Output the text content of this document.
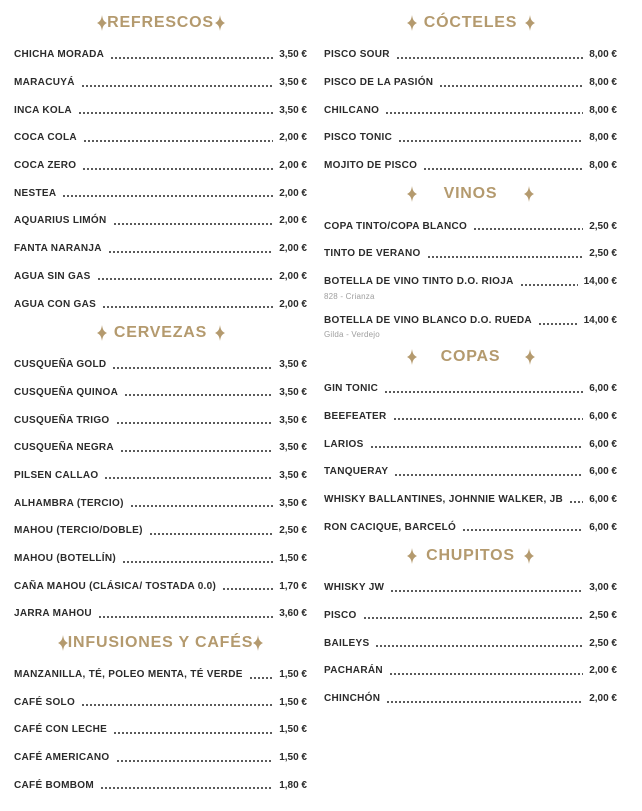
REFRESCOS
CHICHA MORADA	3,50 €
MARACUYÁ	3,50 €
INCA KOLA	3,50 €
COCA COLA	2,00 €
COCA ZERO	2,00 €
NESTEA	2,00 €
AQUARIUS LIMÓN	2,00 €
FANTA NARANJA	2,00 €
AGUA SIN GAS	2,00 €
AGUA CON GAS	2,00 €
CERVEZAS
CUSQUEÑA GOLD	3,50 €
CUSQUEÑA QUINOA	3,50 €
CUSQUEÑA TRIGO	3,50 €
CUSQUEÑA NEGRA	3,50 €
PILSEN CALLAO	3,50 €
ALHAMBRA (TERCIO)	3,50 €
MAHOU (TERCIO/DOBLE)	2,50 €
MAHOU (BOTELLÍN)	1,50 €
CAÑA MAHOU (CLÁSICA/ TOSTADA 0.0)	1,70 €
JARRA MAHOU	3,60 €
INFUSIONES Y CAFÉS
MANZANILLA, TÉ, POLEO MENTA, TÉ VERDE	1,50 €
CAFÉ SOLO	1,50 €
CAFÉ CON LECHE	1,50 €
CAFÉ AMERICANO	1,50 €
CAFÉ BOMBOM	1,80 €
CÓCTELES
PISCO SOUR	8,00 €
PISCO DE LA PASIÓN	8,00 €
CHILCANO	8,00 €
PISCO TONIC	8,00 €
MOJITO DE PISCO	8,00 €
VINOS
COPA TINTO/COPA BLANCO	2,50 €
TINTO DE VERANO	2,50 €
BOTELLA DE VINO TINTO D.O. RIOJA	14,00 €
828 - Crianza
BOTELLA DE VINO BLANCO D.O. RUEDA	14,00 €
Gilda - Verdejo
COPAS
GIN TONIC	6,00 €
BEEFEATER	6,00 €
LARIOS	6,00 €
TANQUERAY	6,00 €
WHISKY BALLANTINES, JOHNNIE WALKER, JB	6,00 €
RON CACIQUE, BARCELÓ	6,00 €
CHUPITOS
WHISKY JW	3,00 €
PISCO	2,50 €
BAILEYS	2,50 €
PACHARÁN	2,00 €
CHINCHÓN	2,00 €
